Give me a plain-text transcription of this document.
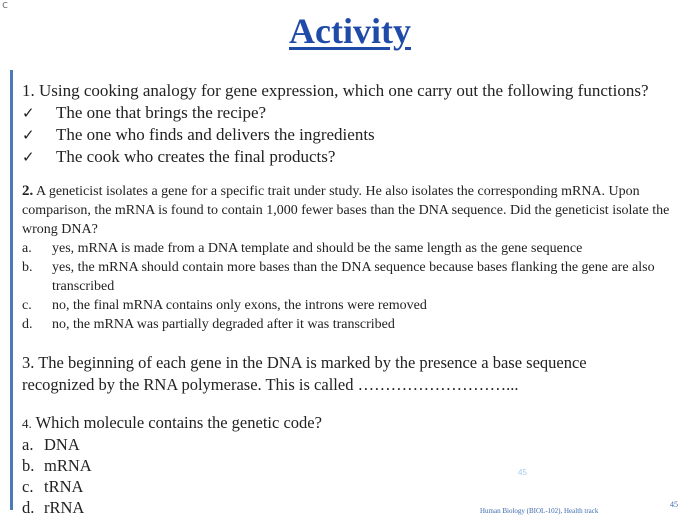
c
Activity
1. Using cooking analogy for gene expression, which one carry out the following functions?
✓	The one that brings the recipe?
✓	The one who finds and delivers the ingredients
✓	The cook who creates the final products?
2. A geneticist isolates a gene for a specific trait under study. He also isolates the corresponding mRNA. Upon comparison, the mRNA is found to contain 1,000 fewer bases than the DNA sequence. Did the geneticist isolate the wrong DNA?
a.	yes, mRNA is made from a DNA template and should be the same length as the gene sequence
b.	yes, the mRNA should contain more bases than the DNA sequence because bases flanking the gene are also transcribed
c.	no, the final mRNA contains only exons, the introns were removed
d.	no, the mRNA was partially degraded after it was transcribed
3. The beginning of each gene in the DNA is marked by the presence a base sequence recognized by the RNA polymerase. This is called ………………………...
4. Which molecule contains the genetic code?
a. DNA
b. mRNA
c. tRNA
d. rRNA
45
Human Biology (BIOL-102), Health track
45
